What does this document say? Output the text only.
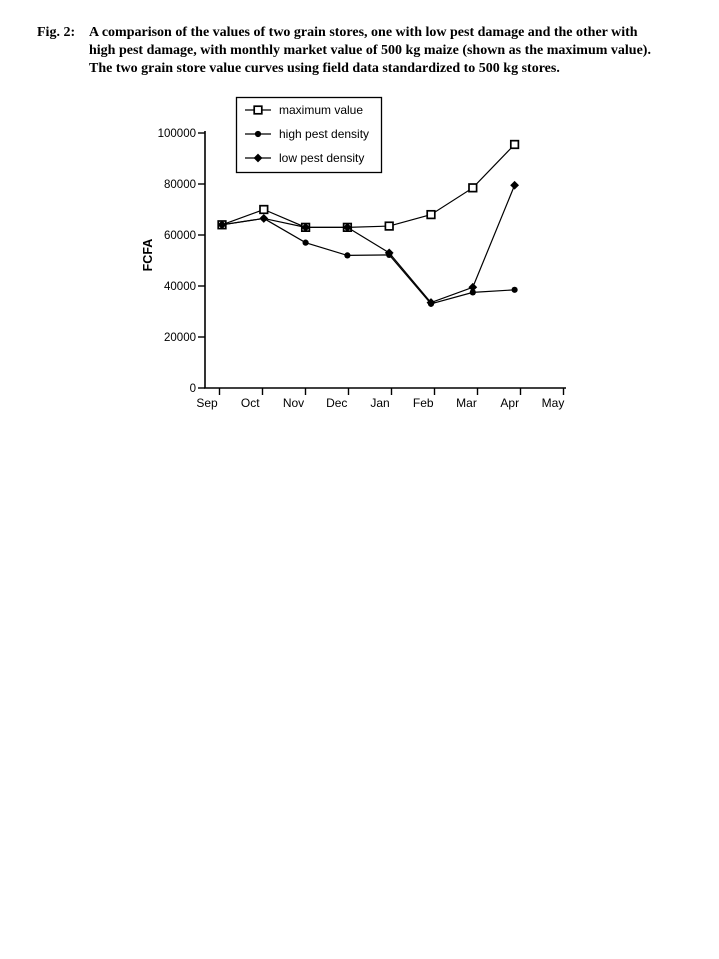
Fig. 2: A comparison of the values of two grain stores, one with low pest damage and the other with
high pest damage, with monthly market value of 500 kg maize (shown as the maximum value).
The two grain store value curves using field data standardized to 500 kg stores.
0
20000
40000
60000
80000
100000
Sep Oct Nov Dec Jan Feb Mar Apr May
FCFA
maximum value
high pest density
low pest density
